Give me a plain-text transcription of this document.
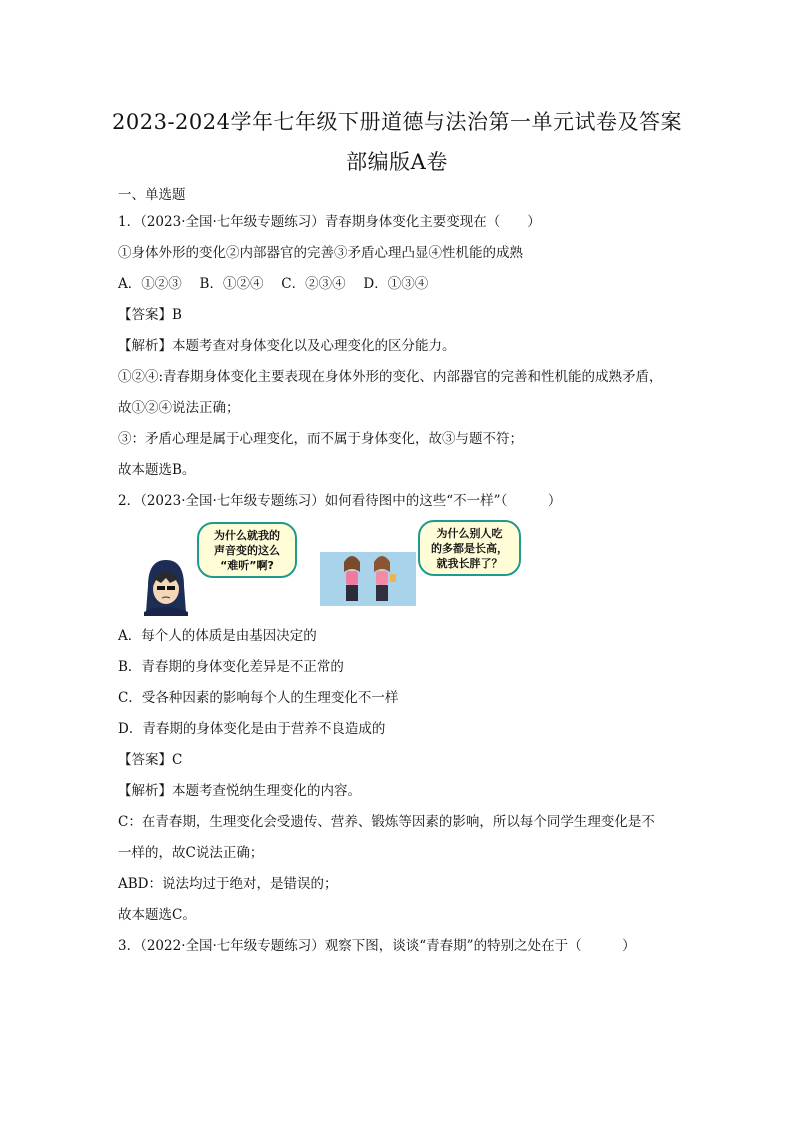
2023-2024学年七年级下册道德与法治第一单元试卷及答案
部编版A卷
一、单选题
1．（2023·全国·七年级专题练习）青春期身体变化主要变现在（　　）
①身体外形的变化②内部器官的完善③矛盾心理凸显④性机能的成熟
A．①②③　 B．①②④　 C．②③④　 D．①③④
【答案】B
【解析】本题考查对身体变化以及心理变化的区分能力。
①②④:青春期身体变化主要表现在身体外形的变化、内部器官的完善和性机能的成熟矛盾，
故①②④说法正确；
③：矛盾心理是属于心理变化，而不属于身体变化，故③与题不符；
故本题选B。
2．（2023·全国·七年级专题练习）如何看待图中的这些“不一样”（　　　）
为什么就我的
声音变的这么
“难听”啊?
为什么别人吃
的多都是长高，
就我长胖了？
A．每个人的体质是由基因决定的
B．青春期的身体变化差异是不正常的
C．受各种因素的影响每个人的生理变化不一样
D．青春期的身体变化是由于营养不良造成的
【答案】C
【解析】本题考查悦纳生理变化的内容。
C：在青春期，生理变化会受遗传、营养、锻炼等因素的影响，所以每个同学生理变化是不
一样的，故C说法正确；
ABD：说法均过于绝对，是错误的；
故本题选C。
3．（2022·全国·七年级专题练习）观察下图，谈谈“青春期”的特别之处在于（　　　）
